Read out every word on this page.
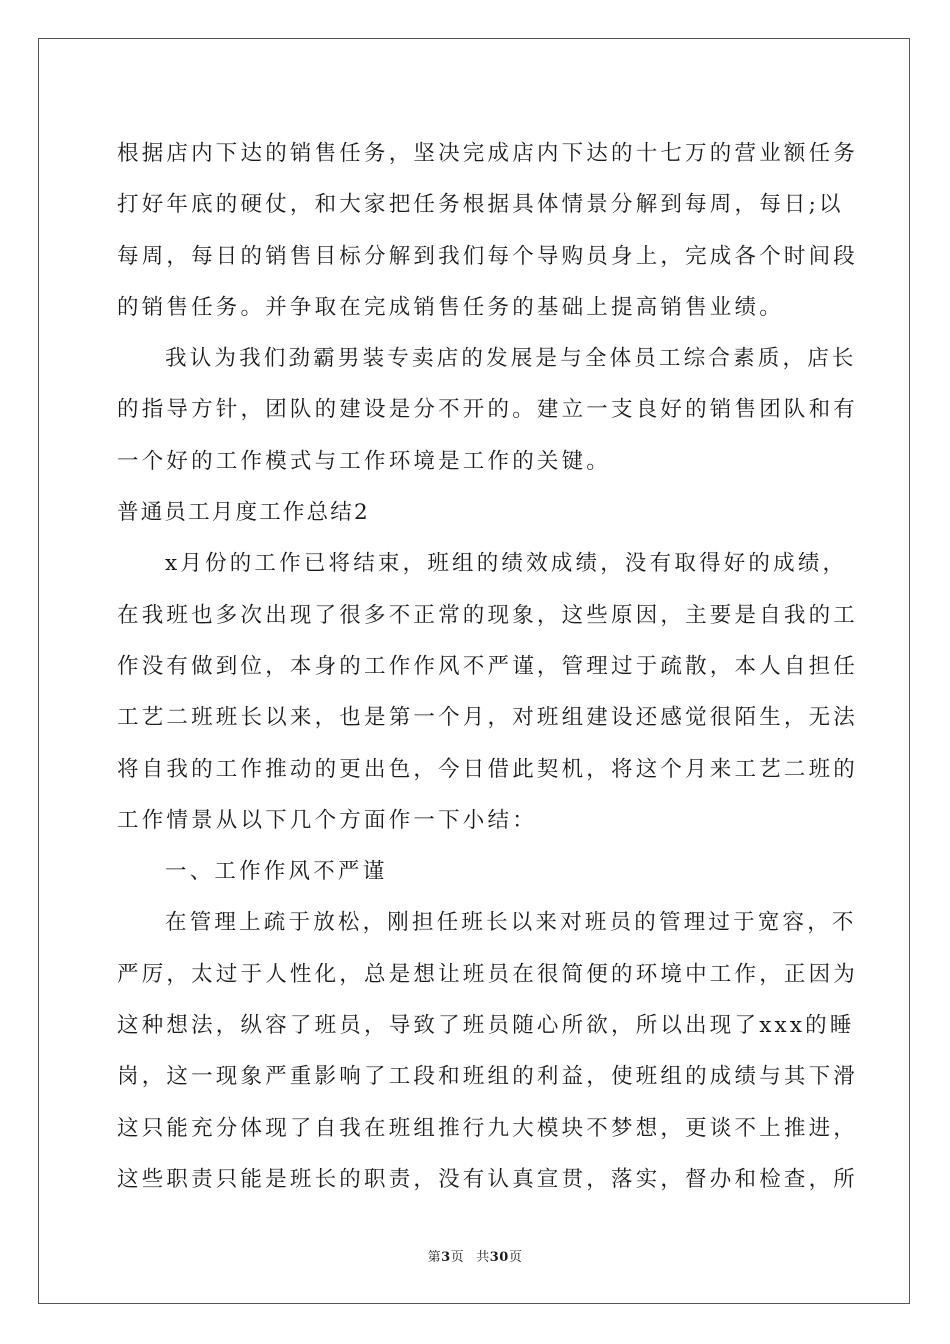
根据店内下达的销售任务，坚决完成店内下达的十七万的营业额任务
打好年底的硬仗，和大家把任务根据具体情景分解到每周，每日;以
每周，每日的销售目标分解到我们每个导购员身上，完成各个时间段
的销售任务。并争取在完成销售任务的基础上提高销售业绩。
我认为我们劲霸男装专卖店的发展是与全体员工综合素质，店长
的指导方针，团队的建设是分不开的。建立一支良好的销售团队和有
一个好的工作模式与工作环境是工作的关键。
普通员工月度工作总结2
x月份的工作已将结束，班组的绩效成绩，没有取得好的成绩，
在我班也多次出现了很多不正常的现象，这些原因，主要是自我的工
作没有做到位，本身的工作作风不严谨，管理过于疏散，本人自担任
工艺二班班长以来，也是第一个月，对班组建设还感觉很陌生，无法
将自我的工作推动的更出色，今日借此契机，将这个月来工艺二班的
工作情景从以下几个方面作一下小结：
一、工作作风不严谨
在管理上疏于放松，刚担任班长以来对班员的管理过于宽容，不
严厉，太过于人性化，总是想让班员在很简便的环境中工作，正因为
这种想法，纵容了班员，导致了班员随心所欲，所以出现了xxx的睡
岗，这一现象严重影响了工段和班组的利益，使班组的成绩与其下滑
这只能充分体现了自我在班组推行九大模块不梦想，更谈不上推进，
这些职责只能是班长的职责，没有认真宣贯，落实，督办和检查，所
第3页 共30页
